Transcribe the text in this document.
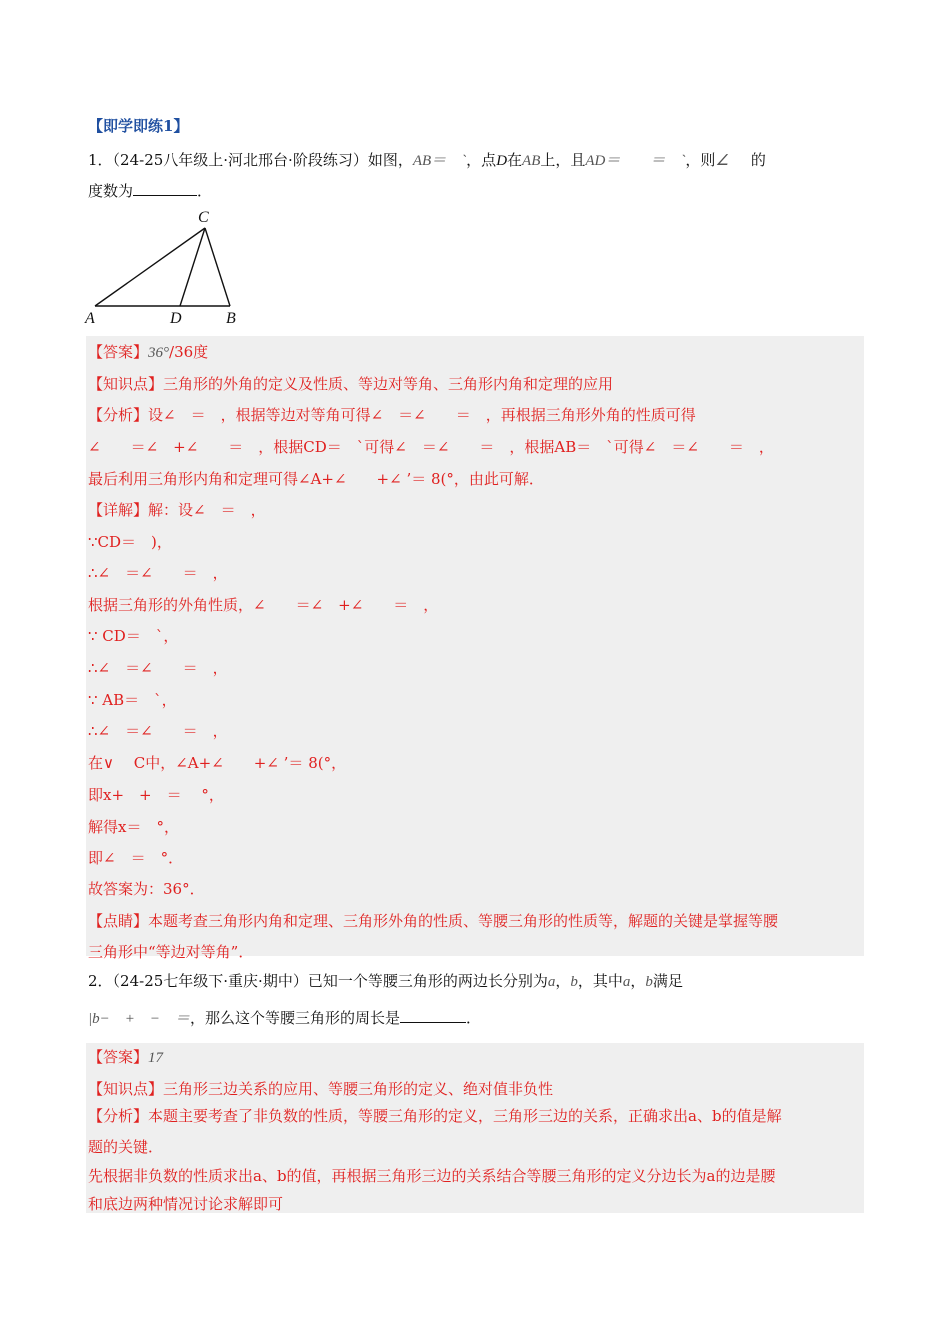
【即学即练1】
1．（24-25八年级上·河北邢台·阶段练习）如图，AB＝　`，点D在AB上，且AD＝　　＝　`，则∠ 的
度数为	．
C
A	D	B
【答案】36°/36度
【知识点】三角形的外角的定义及性质、等边对等角、三角形内角和定理的应用
【分析】设∠　＝　，根据等边对等角可得∠　＝∠　　＝　，再根据三角形外角的性质可得
∠　　＝∠　+∠　　＝　，根据CD＝　`可得∠　＝∠　　＝　，根据AB＝　`可得∠　＝∠　　＝　，
最后利用三角形内角和定理可得∠A+∠　　+∠ ’＝ 8(°，由此可解．
【详解】解：设∠　＝　，
∵CD＝　)，
∴∠　＝∠　　＝　，
根据三角形的外角性质，∠　　＝∠　+∠　　＝　，
∵ CD＝　`，
∴∠　＝∠　　＝　，
∵ AB＝　`，
∴∠　＝∠　　＝　，
在∨　 C中，∠A+∠　　+∠ ’＝ 8(°，
即x+　+　＝　 °，
解得x＝　°，
即∠　＝　°．
故答案为：36°．
【点睛】本题考查三角形内角和定理、三角形外角的性质、等腰三角形的性质等，解题的关键是掌握等腰
三角形中“等边对等角”．
2．（24-25七年级下·重庆·期中）已知一个等腰三角形的两边长分别为a，b，其中a，b满足
|b−　+　−　＝，那么这个等腰三角形的周长是	．
【答案】17
【知识点】三角形三边关系的应用、等腰三角形的定义、绝对值非负性
【分析】本题主要考查了非负数的性质，等腰三角形的定义，三角形三边的关系，正确求出a、b的值是解
题的关键．
先根据非负数的性质求出a、b的值，再根据三角形三边的关系结合等腰三角形的定义分边长为a的边是腰
和底边两种情况讨论求解即可
